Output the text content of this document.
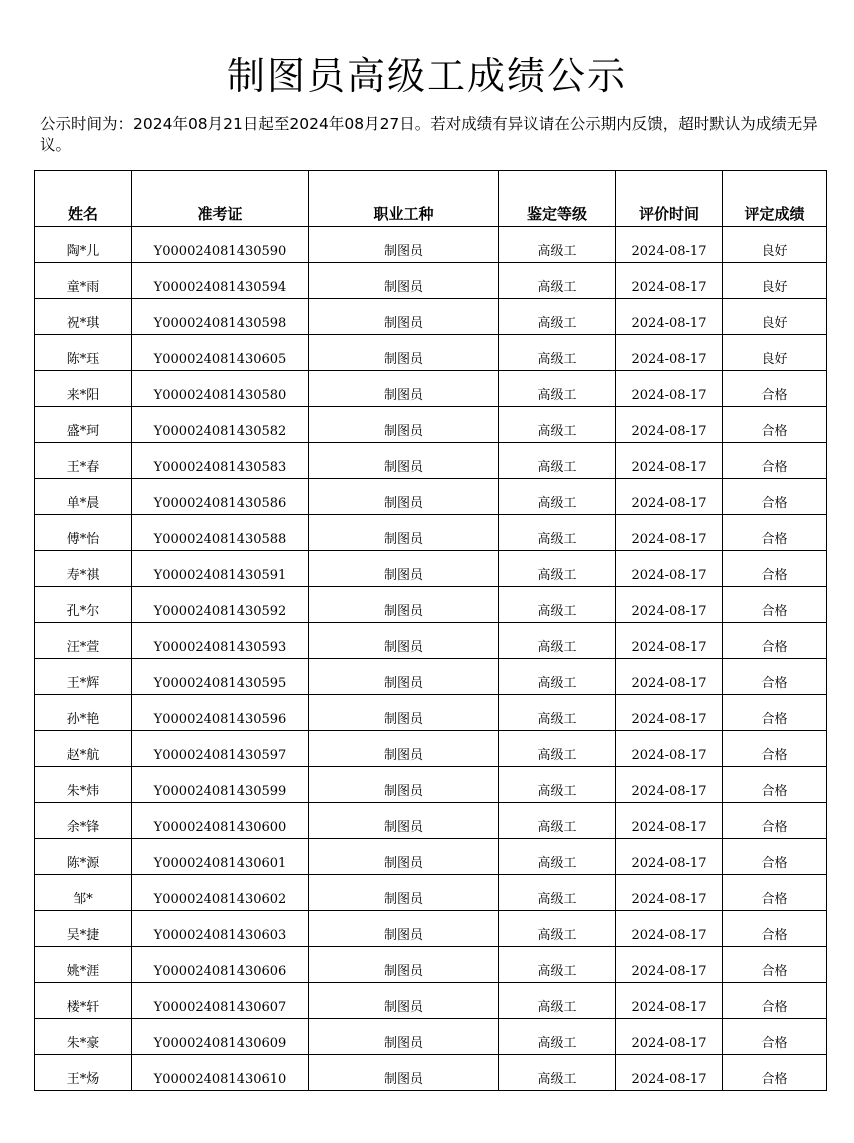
制图员高级工成绩公示
公示时间为：2024年08月21日起至2024年08月27日。若对成绩有异议请在公示期内反馈，超时默认为成绩无异议。
姓名	准考证	职业工种	鉴定等级	评价时间	评定成绩
陶*儿	Y000024081430590	制图员	高级工	2024-08-17	良好
童*雨	Y000024081430594	制图员	高级工	2024-08-17	良好
祝*琪	Y000024081430598	制图员	高级工	2024-08-17	良好
陈*珏	Y000024081430605	制图员	高级工	2024-08-17	良好
来*阳	Y000024081430580	制图员	高级工	2024-08-17	合格
盛*珂	Y000024081430582	制图员	高级工	2024-08-17	合格
王*春	Y000024081430583	制图员	高级工	2024-08-17	合格
单*晨	Y000024081430586	制图员	高级工	2024-08-17	合格
傅*怡	Y000024081430588	制图员	高级工	2024-08-17	合格
寿*祺	Y000024081430591	制图员	高级工	2024-08-17	合格
孔*尔	Y000024081430592	制图员	高级工	2024-08-17	合格
汪*萱	Y000024081430593	制图员	高级工	2024-08-17	合格
王*辉	Y000024081430595	制图员	高级工	2024-08-17	合格
孙*艳	Y000024081430596	制图员	高级工	2024-08-17	合格
赵*航	Y000024081430597	制图员	高级工	2024-08-17	合格
朱*炜	Y000024081430599	制图员	高级工	2024-08-17	合格
余*锋	Y000024081430600	制图员	高级工	2024-08-17	合格
陈*源	Y000024081430601	制图员	高级工	2024-08-17	合格
邹*	Y000024081430602	制图员	高级工	2024-08-17	合格
吴*捷	Y000024081430603	制图员	高级工	2024-08-17	合格
姚*涯	Y000024081430606	制图员	高级工	2024-08-17	合格
楼*轩	Y000024081430607	制图员	高级工	2024-08-17	合格
朱*豪	Y000024081430609	制图员	高级工	2024-08-17	合格
王*炀	Y000024081430610	制图员	高级工	2024-08-17	合格
